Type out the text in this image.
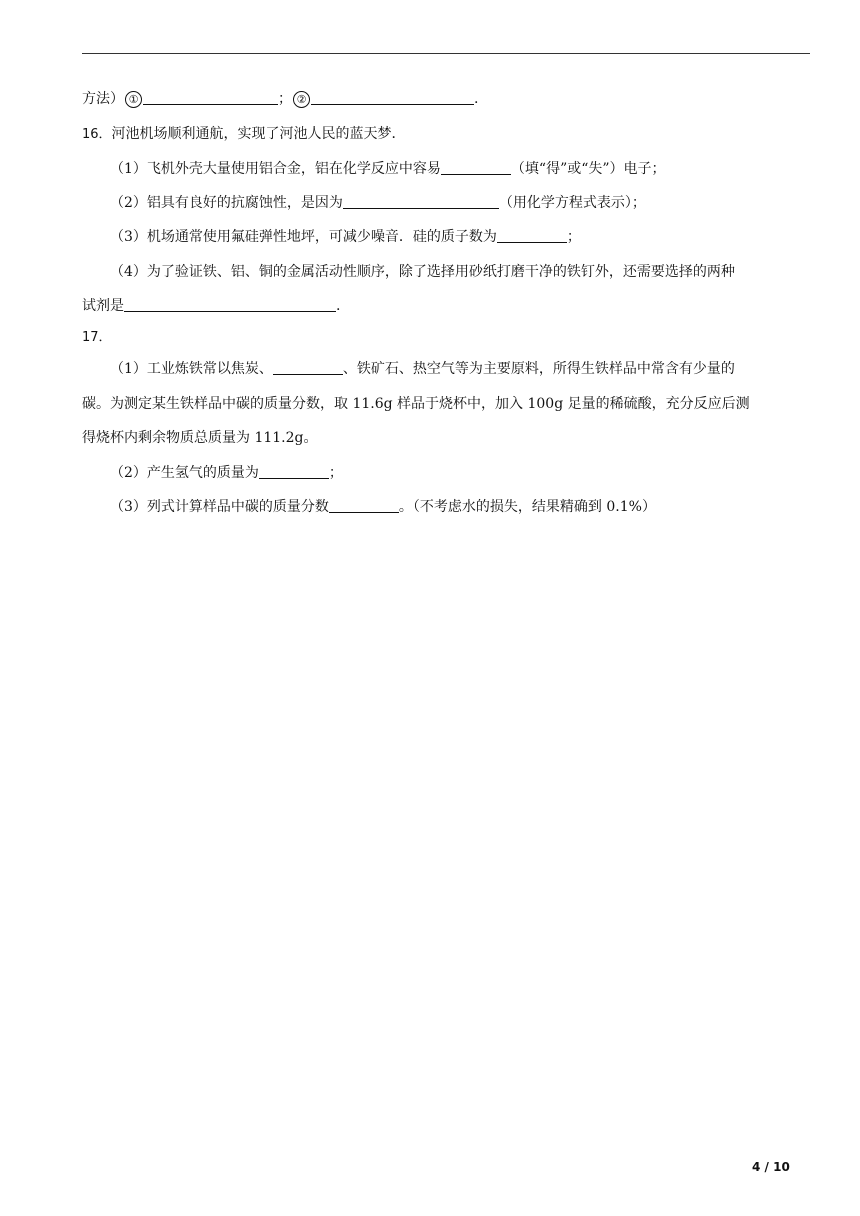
方法） ①	； ②	.
16．河池机场顺利通航，实现了河池人民的蓝天梦．
（1）飞机外壳大量使用铝合金，铝在化学反应中容易	（填“得”或“失”）电子；
（2）铝具有良好的抗腐蚀性，是因为	（用化学方程式表示）；
（3）机场通常使用氟硅弹性地坪，可减少噪音．硅的质子数为	；
（4）为了验证铁、铝、铜的金属活动性顺序，除了选择用砂纸打磨干净的铁钉外，还需要选择的两种
试剂是	.
17．
（1）工业炼铁常以焦炭、	、铁矿石、热空气等为主要原料，所得生铁样品中常含有少量的
碳。为测定某生铁样品中碳的质量分数，取 11.6g 样品于烧杯中，加入 100g 足量的稀硫酸，充分反应后测
得烧杯内剩余物质总质量为 111.2g。
（2）产生氢气的质量为	；
（3）列式计算样品中碳的质量分数	。（不考虑水的损失，结果精确到 0.1%）
4 / 10
